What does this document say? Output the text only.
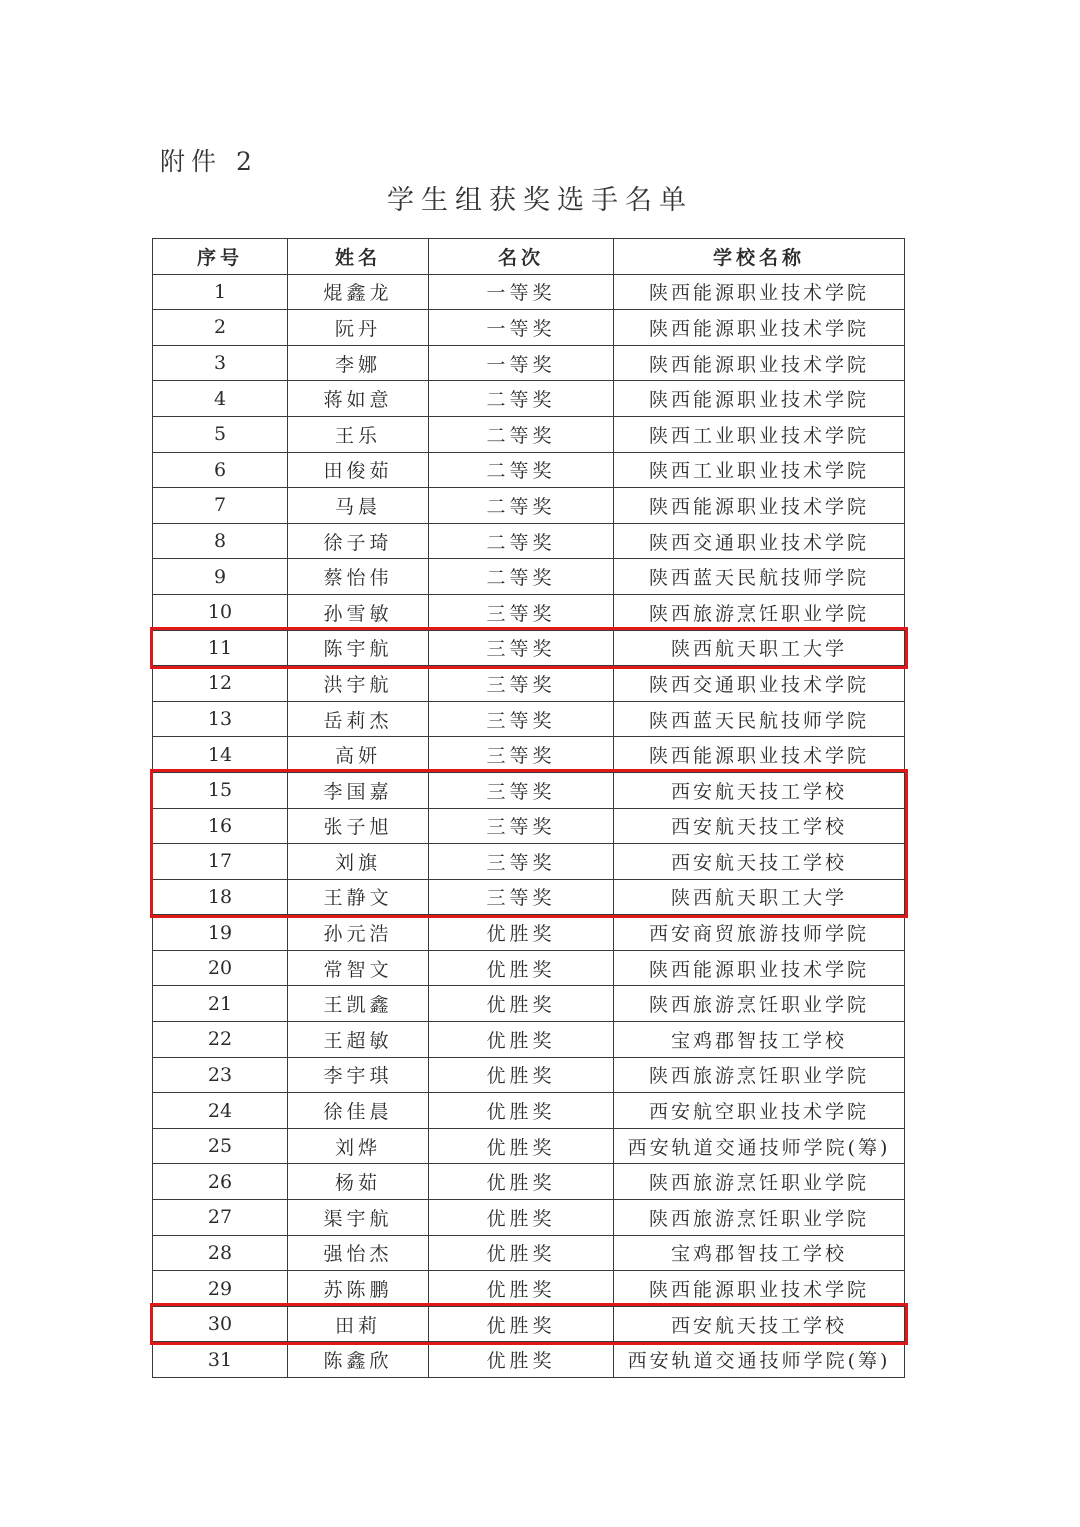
附件 2
学生组获奖选手名单
序号	姓名	名次	学校名称
1	焜鑫龙	一等奖	陕西能源职业技术学院
2	阮丹	一等奖	陕西能源职业技术学院
3	李娜	一等奖	陕西能源职业技术学院
4	蒋如意	二等奖	陕西能源职业技术学院
5	王乐	二等奖	陕西工业职业技术学院
6	田俊茹	二等奖	陕西工业职业技术学院
7	马晨	二等奖	陕西能源职业技术学院
8	徐子琦	二等奖	陕西交通职业技术学院
9	蔡怡伟	二等奖	陕西蓝天民航技师学院
10	孙雪敏	三等奖	陕西旅游烹饪职业学院
11	陈宇航	三等奖	陕西航天职工大学
12	洪宇航	三等奖	陕西交通职业技术学院
13	岳莉杰	三等奖	陕西蓝天民航技师学院
14	高妍	三等奖	陕西能源职业技术学院
15	李国嘉	三等奖	西安航天技工学校
16	张子旭	三等奖	西安航天技工学校
17	刘旗	三等奖	西安航天技工学校
18	王静文	三等奖	陕西航天职工大学
19	孙元浩	优胜奖	西安商贸旅游技师学院
20	常智文	优胜奖	陕西能源职业技术学院
21	王凯鑫	优胜奖	陕西旅游烹饪职业学院
22	王超敏	优胜奖	宝鸡郡智技工学校
23	李宇琪	优胜奖	陕西旅游烹饪职业学院
24	徐佳晨	优胜奖	西安航空职业技术学院
25	刘烨	优胜奖	西安轨道交通技师学院(筹)
26	杨茹	优胜奖	陕西旅游烹饪职业学院
27	渠宇航	优胜奖	陕西旅游烹饪职业学院
28	强怡杰	优胜奖	宝鸡郡智技工学校
29	苏陈鹏	优胜奖	陕西能源职业技术学院
30	田莉	优胜奖	西安航天技工学校
31	陈鑫欣	优胜奖	西安轨道交通技师学院(筹)
